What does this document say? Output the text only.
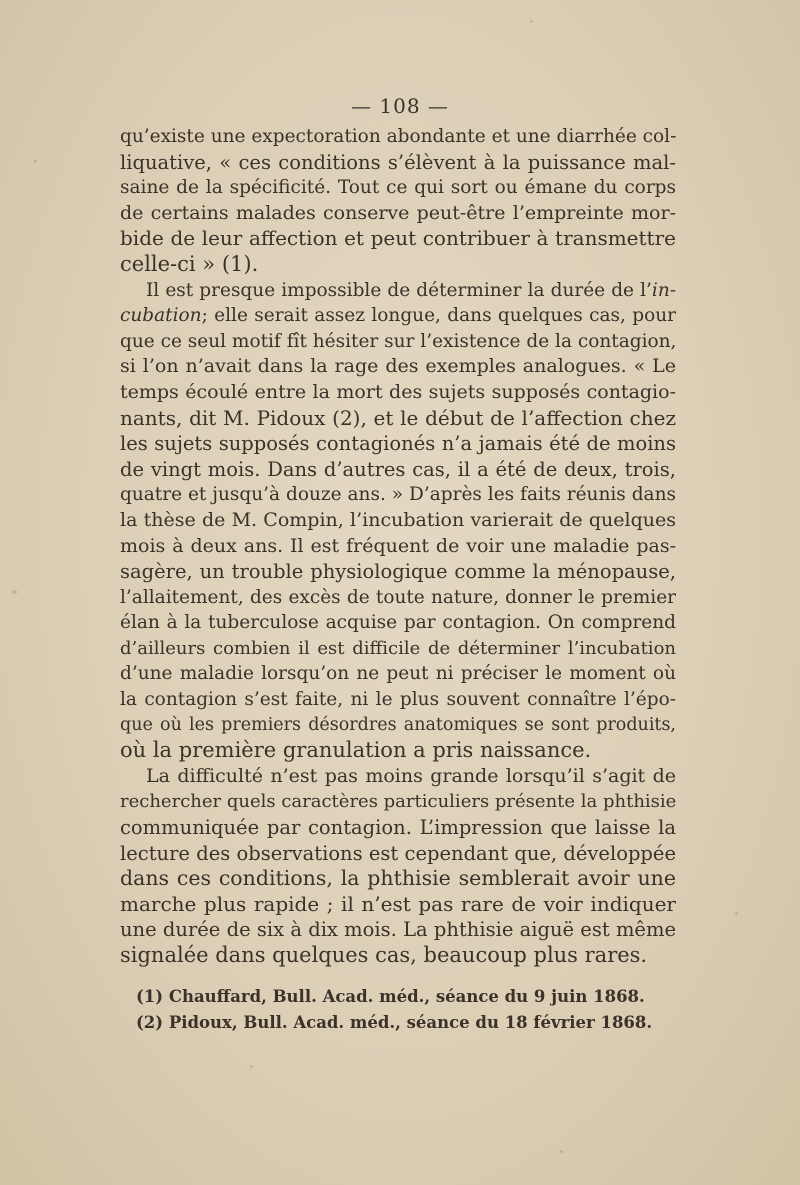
— 108 —
qu’existe une expectoration abondante et une diarrhée col-
liquative, « ces conditions s’élèvent à la puissance mal-
saine de la spécificité. Tout ce qui sort ou émane du corps
de certains malades conserve peut-être l’empreinte mor-
bide de leur affection et peut contribuer à transmettre
celle-ci » (1).
Il est presque impossible de déterminer la durée de l’in-
cubation; elle serait assez longue, dans quelques cas, pour
que ce seul motif fît hésiter sur l’existence de la contagion,
si l’on n’avait dans la rage des exemples analogues. « Le
temps écoulé entre la mort des sujets supposés contagio-
nants, dit M. Pidoux (2), et le début de l’affection chez
les sujets supposés contagionés n’a jamais été de moins
de vingt mois. Dans d’autres cas, il a été de deux, trois,
quatre et jusqu’à douze ans. » D’après les faits réunis dans
la thèse de M. Compin, l’incubation varierait de quelques
mois à deux ans. Il est fréquent de voir une maladie pas-
sagère, un trouble physiologique comme la ménopause,
l’allaitement, des excès de toute nature, donner le premier
élan à la tuberculose acquise par contagion. On comprend
d’ailleurs combien il est difficile de déterminer l’incubation
d’une maladie lorsqu’on ne peut ni préciser le moment où
la contagion s’est faite, ni le plus souvent connaître l’épo-
que où les premiers désordres anatomiques se sont produits,
où la première granulation a pris naissance.
La difficulté n’est pas moins grande lorsqu’il s’agit de
rechercher quels caractères particuliers présente la phthisie
communiquée par contagion. L’impression que laisse la
lecture des observations est cependant que, développée
dans ces conditions, la phthisie semblerait avoir une
marche plus rapide ; il n’est pas rare de voir indiquer
une durée de six à dix mois. La phthisie aiguë est même
signalée dans quelques cas, beaucoup plus rares.
(1) Chauffard, Bull. Acad. méd., séance du 9 juin 1868.
(2) Pidoux, Bull. Acad. méd., séance du 18 février 1868.
